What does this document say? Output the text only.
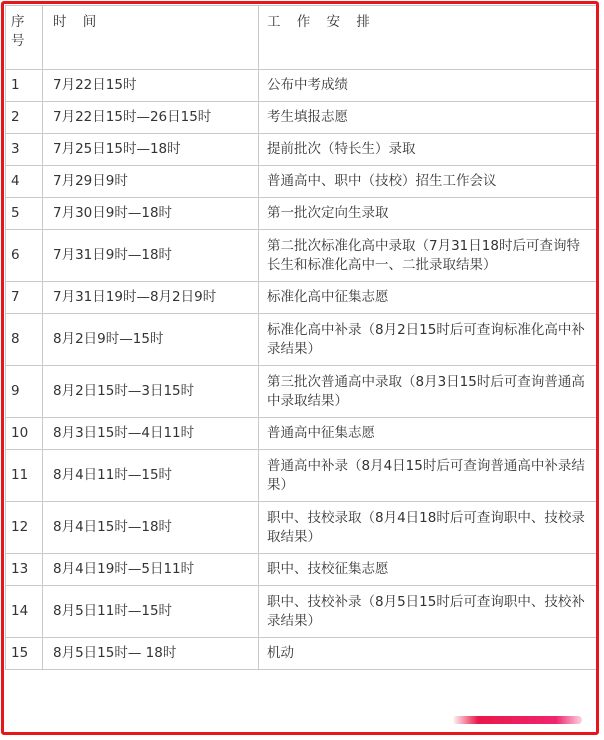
序号	时 间	工 作 安 排
1	7月22日15时	公布中考成绩
2	7月22日15时—26日15时	考生填报志愿
3	7月25日15时—18时	提前批次（特长生）录取
4	7月29日9时	普通高中、职中（技校）招生工作会议
5	7月30日9时—18时	第一批次定向生录取
6	7月31日9时—18时	第二批次标准化高中录取（7月31日18时后可查询特长生和标准化高中一、二批录取结果）
7	7月31日19时—8月2日9时	标准化高中征集志愿
8	8月2日9时—15时	标准化高中补录（8月2日15时后可查询标准化高中补录结果）
9	8月2日15时—3日15时	第三批次普通高中录取（8月3日15时后可查询普通高中录取结果）
10	8月3日15时—4日11时	普通高中征集志愿
11	8月4日11时—15时	普通高中补录（8月4日15时后可查询普通高中补录结果）
12	8月4日15时—18时	职中、技校录取（8月4日18时后可查询职中、技校录取结果）
13	8月4日19时—5日11时	职中、技校征集志愿
14	8月5日11时—15时	职中、技校补录（8月5日15时后可查询职中、技校补录结果）
15	8月5日15时— 18时	机动
